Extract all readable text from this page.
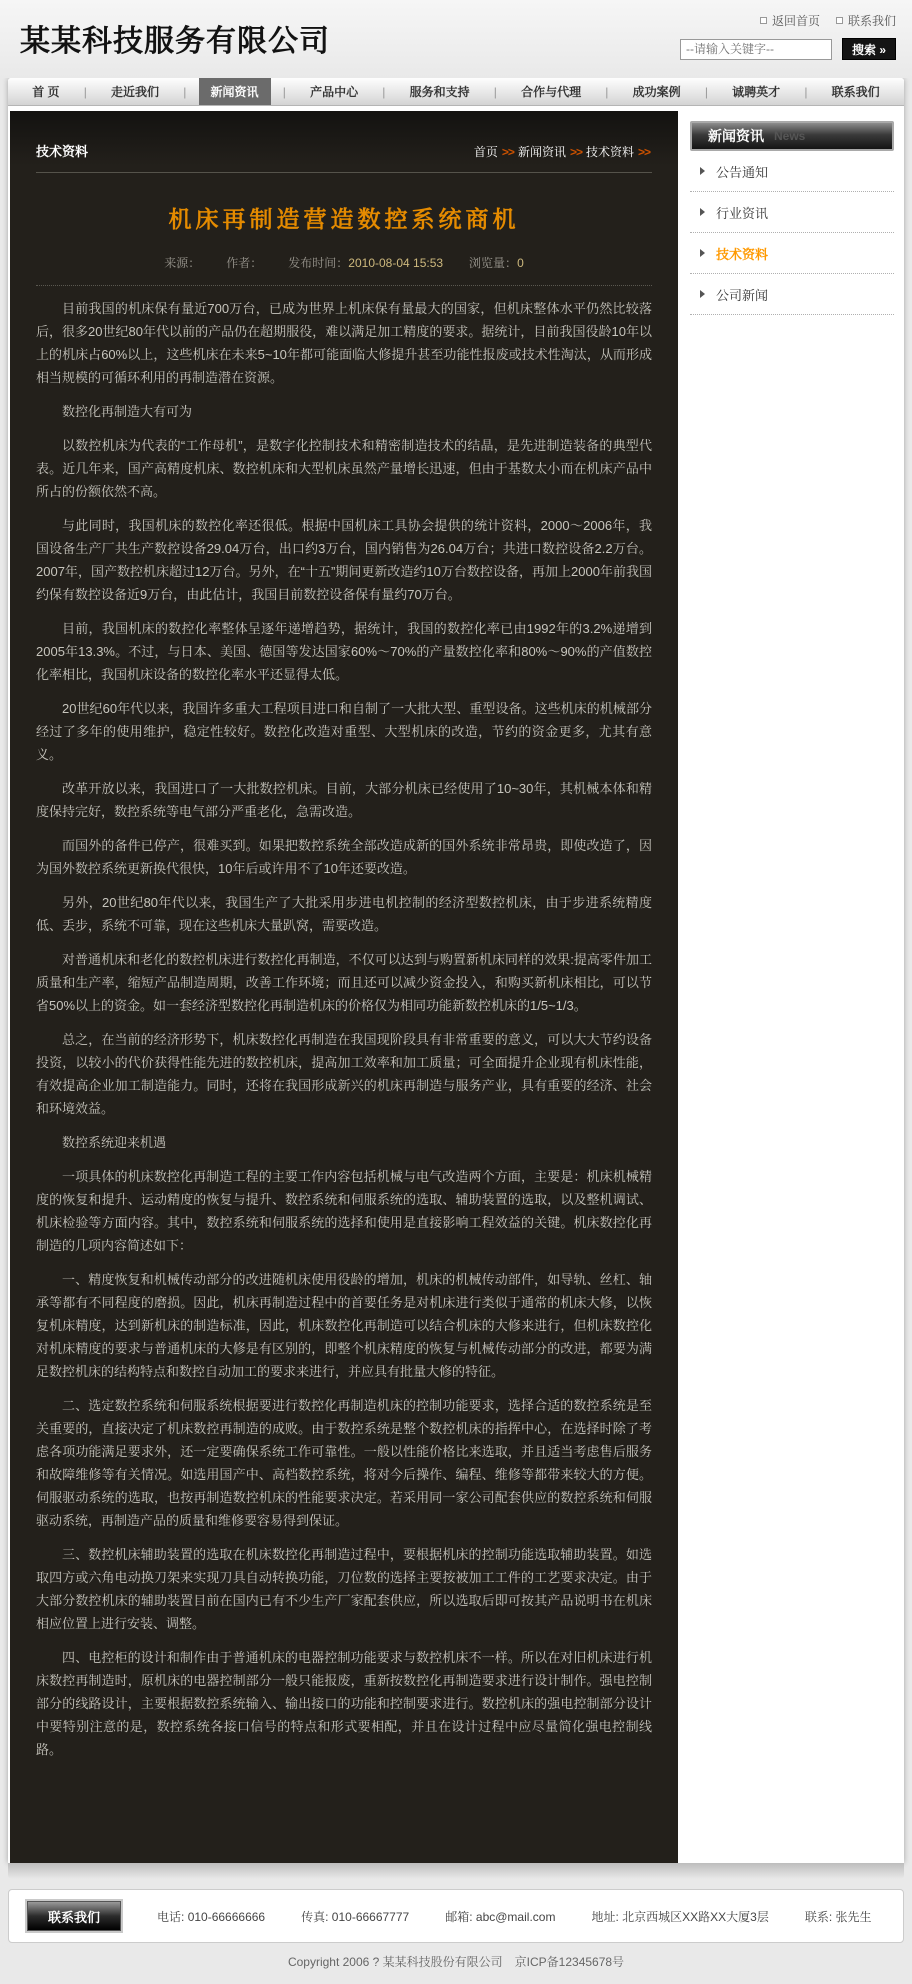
某某科技服务有限公司
返回首页 联系我们
--请输入关键字--
搜索 »
首 页	|	走近我们	|	新闻资讯	|	产品中心	|	服务和支持	|	合作与代理	|	成功案例	|	诚聘英才	|	联系我们
技术资料	首页 >> 新闻资讯 >> 技术资料 >>
机床再制造营造数控系统商机
来源： 作者： 发布时间：2010-08-04 15:53 浏览量：0

目前我国的机床保有量近700万台，已成为世界上机床保有量最大的国家，但机床整体水平仍然比较落后，很多20世纪80年代以前的产品仍在超期服役，难以满足加工精度的要求。据统计，目前我国役龄10年以上的机床占60%以上，这些机床在未来5~10年都可能面临大修提升甚至功能性报废或技术性淘汰，从而形成相当规模的可循环利用的再制造潜在资源。

数控化再制造大有可为

以数控机床为代表的“工作母机”，是数字化控制技术和精密制造技术的结晶，是先进制造装备的典型代表。近几年来，国产高精度机床、数控机床和大型机床虽然产量增长迅速，但由于基数太小而在机床产品中所占的份额依然不高。

与此同时，我国机床的数控化率还很低。根据中国机床工具协会提供的统计资料，2000～2006年，我国设备生产厂共生产数控设备29.04万台，出口约3万台，国内销售为26.04万台；共进口数控设备2.2万台。2007年，国产数控机床超过12万台。另外，在“十五”期间更新改造约10万台数控设备，再加上2000年前我国约保有数控设备近9万台，由此估计，我国目前数控设备保有量约70万台。

目前，我国机床的数控化率整体呈逐年递增趋势，据统计，我国的数控化率已由1992年的3.2%递增到2005年13.3%。不过，与日本、美国、德国等发达国家60%～70%的产量数控化率和80%～90%的产值数控化率相比，我国机床设备的数控化率水平还显得太低。

20世纪60年代以来，我国许多重大工程项目进口和自制了一大批大型、重型设备。这些机床的机械部分经过了多年的使用维护，稳定性较好。数控化改造对重型、大型机床的改造，节约的资金更多，尤其有意义。

改革开放以来，我国进口了一大批数控机床。目前，大部分机床已经使用了10~30年，其机械本体和精度保持完好，数控系统等电气部分严重老化，急需改造。

而国外的备件已停产，很难买到。如果把数控系统全部改造成新的国外系统非常昂贵，即使改造了，因为国外数控系统更新换代很快，10年后或许用不了10年还要改造。

另外，20世纪80年代以来，我国生产了大批采用步进电机控制的经济型数控机床，由于步进系统精度低、丢步，系统不可靠，现在这些机床大量趴窝，需要改造。

对普通机床和老化的数控机床进行数控化再制造，不仅可以达到与购置新机床同样的效果:提高零件加工质量和生产率，缩短产品制造周期，改善工作环境；而且还可以减少资金投入，和购买新机床相比，可以节省50%以上的资金。如一套经济型数控化再制造机床的价格仅为相同功能新数控机床的1/5~1/3。

总之，在当前的经济形势下，机床数控化再制造在我国现阶段具有非常重要的意义，可以大大节约设备投资，以较小的代价获得性能先进的数控机床，提高加工效率和加工质量；可全面提升企业现有机床性能，有效提高企业加工制造能力。同时，还将在我国形成新兴的机床再制造与服务产业，具有重要的经济、社会和环境效益。

数控系统迎来机遇

一项具体的机床数控化再制造工程的主要工作内容包括机械与电气改造两个方面，主要是：机床机械精度的恢复和提升、运动精度的恢复与提升、数控系统和伺服系统的选取、辅助装置的选取，以及整机调试、机床检验等方面内容。其中，数控系统和伺服系统的选择和使用是直接影响工程效益的关键。机床数控化再制造的几项内容简述如下：

一、精度恢复和机械传动部分的改进随机床使用役龄的增加，机床的机械传动部件，如导轨、丝杠、轴承等都有不同程度的磨损。因此，机床再制造过程中的首要任务是对机床进行类似于通常的机床大修，以恢复机床精度，达到新机床的制造标准，因此，机床数控化再制造可以结合机床的大修来进行，但机床数控化对机床精度的要求与普通机床的大修是有区别的，即整个机床精度的恢复与机械传动部分的改进，都要为满足数控机床的结构特点和数控自动加工的要求来进行，并应具有批量大修的特征。

二、选定数控系统和伺服系统根据要进行数控化再制造机床的控制功能要求，选择合适的数控系统是至关重要的，直接决定了机床数控再制造的成败。由于数控系统是整个数控机床的指挥中心，在选择时除了考虑各项功能满足要求外，还一定要确保系统工作可靠性。一般以性能价格比来选取，并且适当考虑售后服务和故障维修等有关情况。如选用国产中、高档数控系统，将对今后操作、编程、维修等都带来较大的方便。伺服驱动系统的选取，也按再制造数控机床的性能要求决定。若采用同一家公司配套供应的数控系统和伺服驱动系统，再制造产品的质量和维修要容易得到保证。

三、数控机床辅助装置的选取在机床数控化再制造过程中，要根据机床的控制功能选取辅助装置。如选取四方或六角电动换刀架来实现刀具自动转换功能，刀位数的选择主要按被加工工件的工艺要求决定。由于大部分数控机床的辅助装置目前在国内已有不少生产厂家配套供应，所以选取后即可按其产品说明书在机床相应位置上进行安装、调整。

四、电控柜的设计和制作由于普通机床的电器控制功能要求与数控机床不一样。所以在对旧机床进行机床数控再制造时，原机床的电器控制部分一般只能报废，重新按数控化再制造要求进行设计制作。强电控制部分的线路设计，主要根据数控系统输入、输出接口的功能和控制要求进行。数控机床的强电控制部分设计中要特别注意的是，数控系统各接口信号的特点和形式要相配，并且在设计过程中应尽量简化强电控制线路。

新闻资讯 News
公告通知
行业资讯
技术资料
公司新闻
联系我们	电话: 010-66666666	传真: 010-66667777	邮箱: abc@mail.com	地址: 北京西城区XX路XX大厦3层	联系: 张先生
Copyright 2006 ? 某某科技股份有限公司　京ICP备12345678号
